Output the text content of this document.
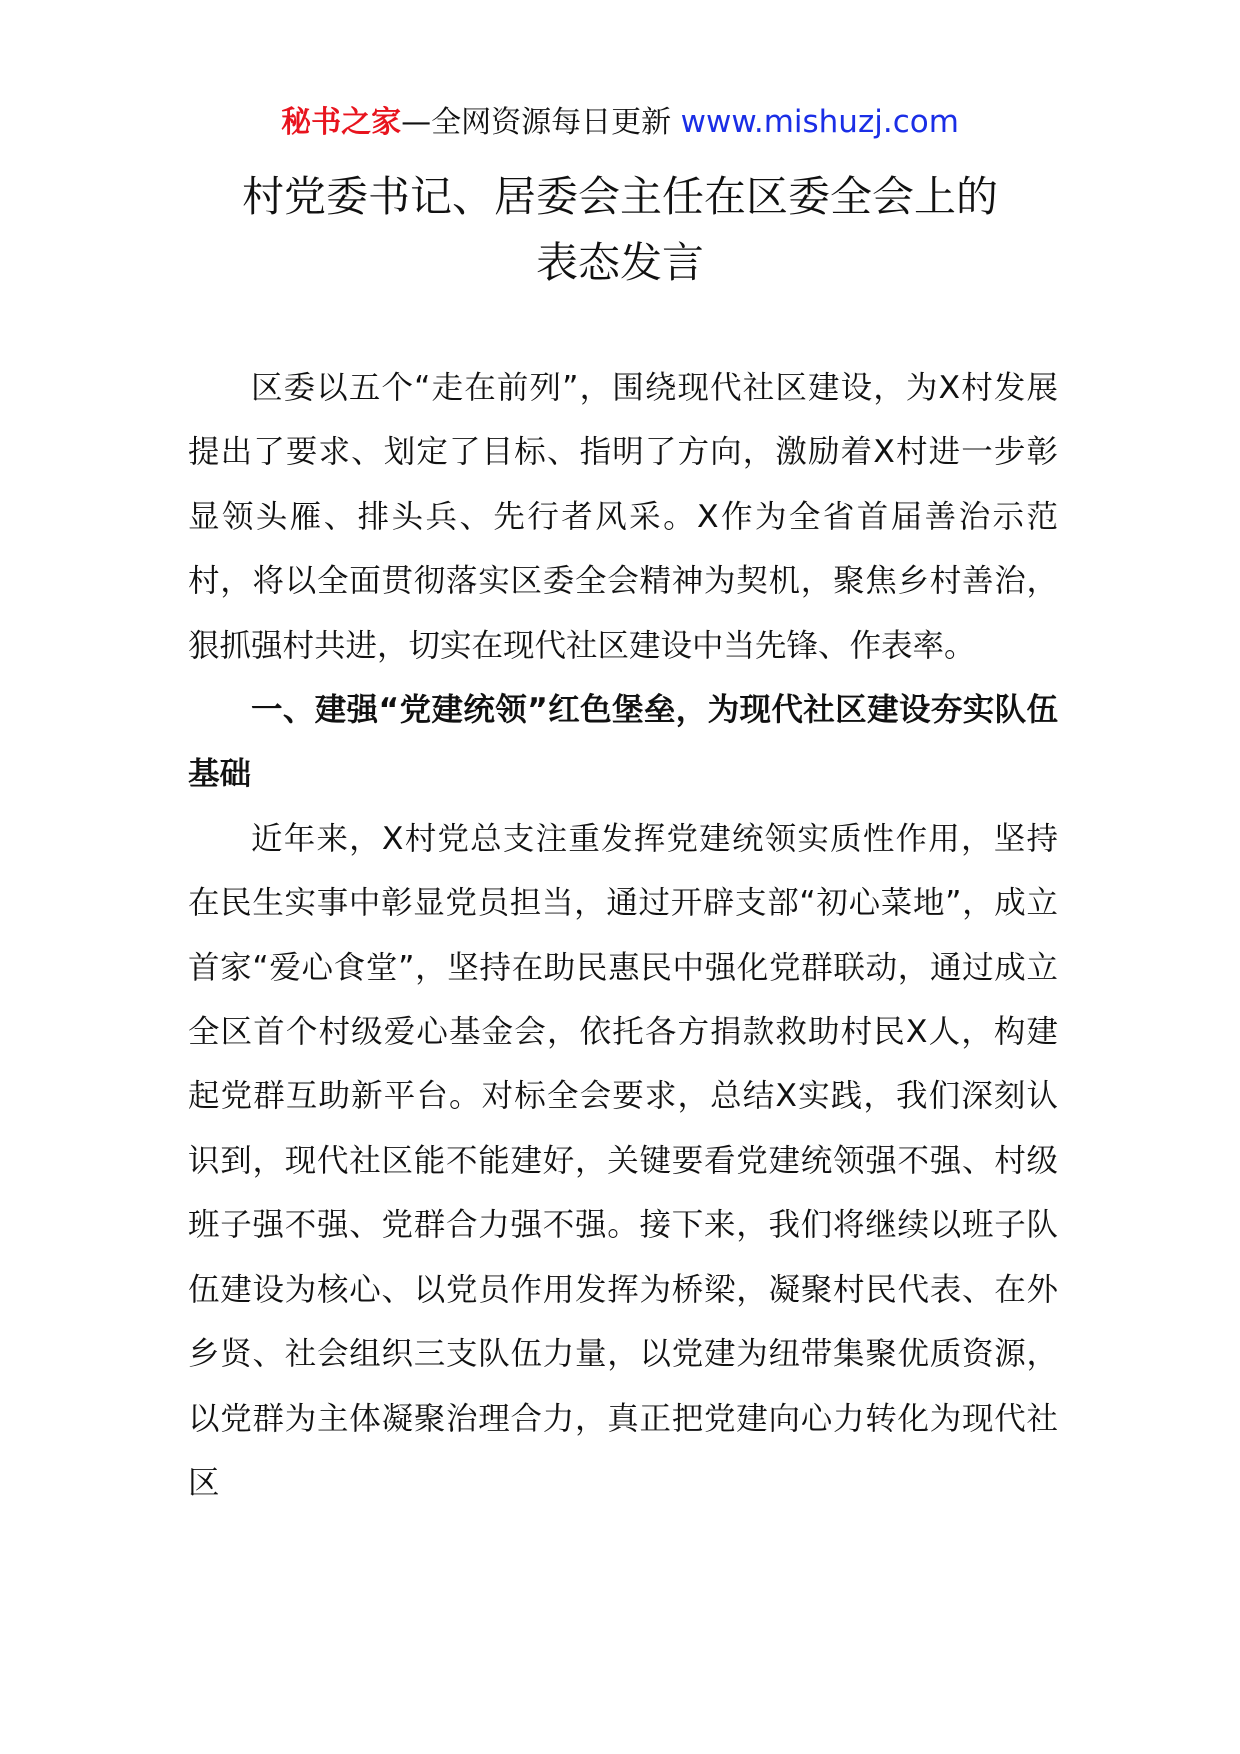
秘书之家—全网资源每日更新 www.mishuzj.com
村党委书记、居委会主任在区委全会上的
表态发言

区委以五个“走在前列”，围绕现代社区建设，为X村发展提出了要求、划定了目标、指明了方向，激励着X村进一步彰显领头雁、排头兵、先行者风采。X作为全省首届善治示范村，将以全面贯彻落实区委全会精神为契机，聚焦乡村善治，狠抓强村共进，切实在现代社区建设中当先锋、作表率。

一、建强“党建统领”红色堡垒，为现代社区建设夯实队伍基础

近年来，X村党总支注重发挥党建统领实质性作用，坚持在民生实事中彰显党员担当，通过开辟支部“初心菜地”，成立首家“爱心食堂”，坚持在助民惠民中强化党群联动，通过成立全区首个村级爱心基金会，依托各方捐款救助村民X人，构建起党群互助新平台。对标全会要求，总结X实践，我们深刻认识到，现代社区能不能建好，关键要看党建统领强不强、村级班子强不强、党群合力强不强。接下来，我们将继续以班子队伍建设为核心、以党员作用发挥为桥梁，凝聚村民代表、在外乡贤、社会组织三支队伍力量，以党建为纽带集聚优质资源，以党群为主体凝聚治理合力，真正把党建向心力转化为现代社区
